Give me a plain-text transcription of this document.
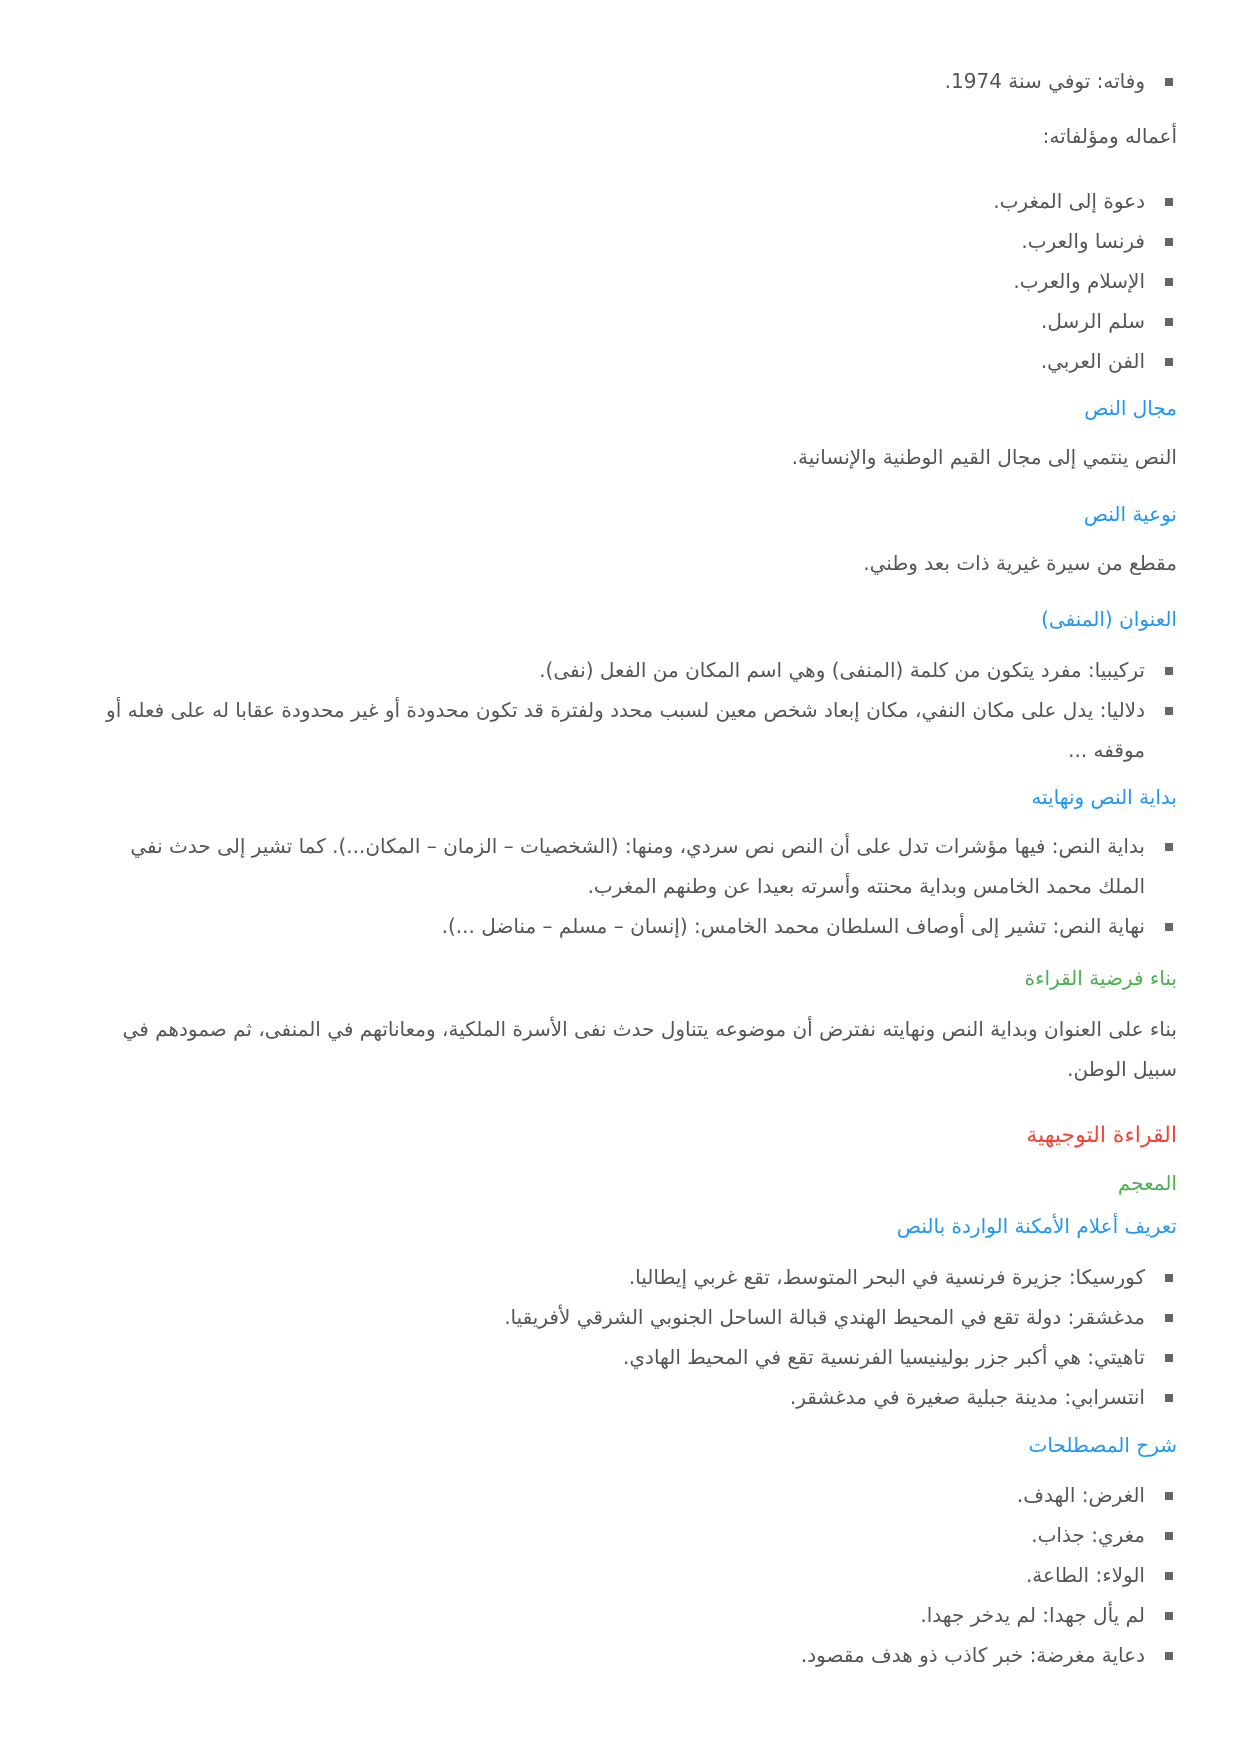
وفاته: توفي سنة 1974.
أعماله ومؤلفاته:
دعوة إلى المغرب.
فرنسا والعرب.
الإسلام والعرب.
سلم الرسل.
الفن العربي.
مجال النص
النص ينتمي إلى مجال القيم الوطنية والإنسانية.
نوعية النص
مقطع من سيرة غيرية ذات بعد وطني.
العنوان (المنفى)
تركيبيا: مفرد يتكون من كلمة (المنفى) وهي اسم المكان من الفعل (نفى).
دلاليا: يدل على مكان النفي، مكان إبعاد شخص معين لسبب محدد ولفترة قد تكون محدودة أو غير محدودة عقابا له على فعله أو موقفه ...
بداية النص ونهايته
بداية النص: فيها مؤشرات تدل على أن النص نص سردي، ومنها: (الشخصيات – الزمان – المكان...). كما تشير إلى حدث نفي الملك محمد الخامس وبداية محنته وأسرته بعيدا عن وطنهم المغرب.
نهاية النص: تشير إلى أوصاف السلطان محمد الخامس: (إنسان – مسلم – مناضل ...).
بناء فرضية القراءة
بناء على العنوان وبداية النص ونهايته نفترض أن موضوعه يتناول حدث نفى الأسرة الملكية، ومعاناتهم في المنفى، ثم صمودهم في سبيل الوطن.
القراءة التوجيهية
المعجم
تعريف أعلام الأمكنة الواردة بالنص
كورسيكا: جزيرة فرنسية في البحر المتوسط، تقع غربي إيطاليا.
مدغشقر: دولة تقع في المحيط الهندي قبالة الساحل الجنوبي الشرقي لأفريقيا.
تاهيتي: هي أكبر جزر بولينيسيا الفرنسية تقع في المحيط الهادي.
انتسرابي: مدينة جبلية صغيرة في مدغشقر.
شرح المصطلحات
الغرض: الهدف.
مغري: جذاب.
الولاء: الطاعة.
لم يأل جهدا: لم يدخر جهدا.
دعاية مغرضة: خبر كاذب ذو هدف مقصود.
